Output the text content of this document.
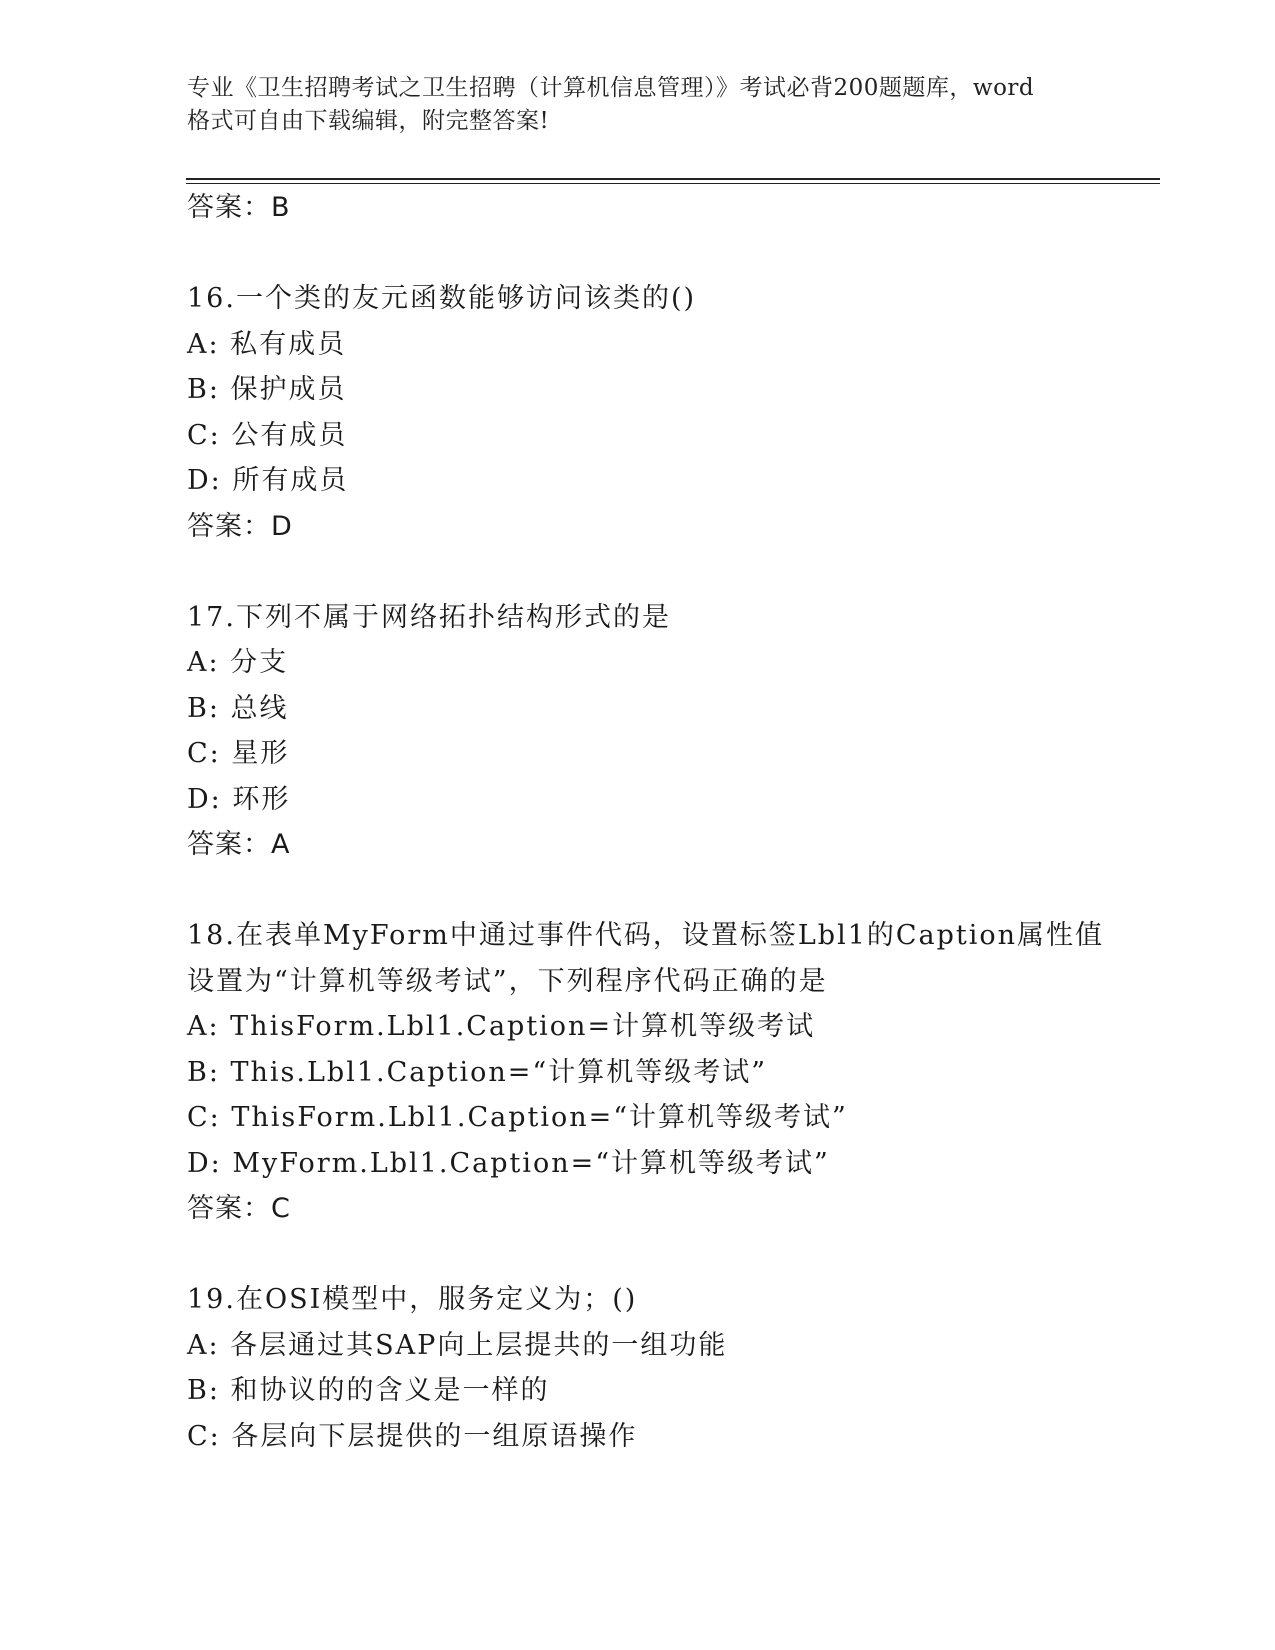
专业《卫生招聘考试之卫生招聘（计算机信息管理）》考试必背200题题库，word
格式可自由下载编辑，附完整答案!
答案：B
16.一个类的友元函数能够访问该类的()
A: 私有成员
B: 保护成员
C: 公有成员
D: 所有成员
答案：D
17.下列不属于网络拓扑结构形式的是
A: 分支
B: 总线
C: 星形
D: 环形
答案：A
18.在表单MyForm中通过事件代码，设置标签Lbl1的Caption属性值
设置为“计算机等级考试”，下列程序代码正确的是
A: ThisForm.Lbl1.Caption=计算机等级考试
B: This.Lbl1.Caption=“计算机等级考试”
C: ThisForm.Lbl1.Caption=“计算机等级考试”
D: MyForm.Lbl1.Caption=“计算机等级考试”
答案：C
19.在OSI模型中，服务定义为；()
A: 各层通过其SAP向上层提共的一组功能
B: 和协议的的含义是一样的
C: 各层向下层提供的一组原语操作
